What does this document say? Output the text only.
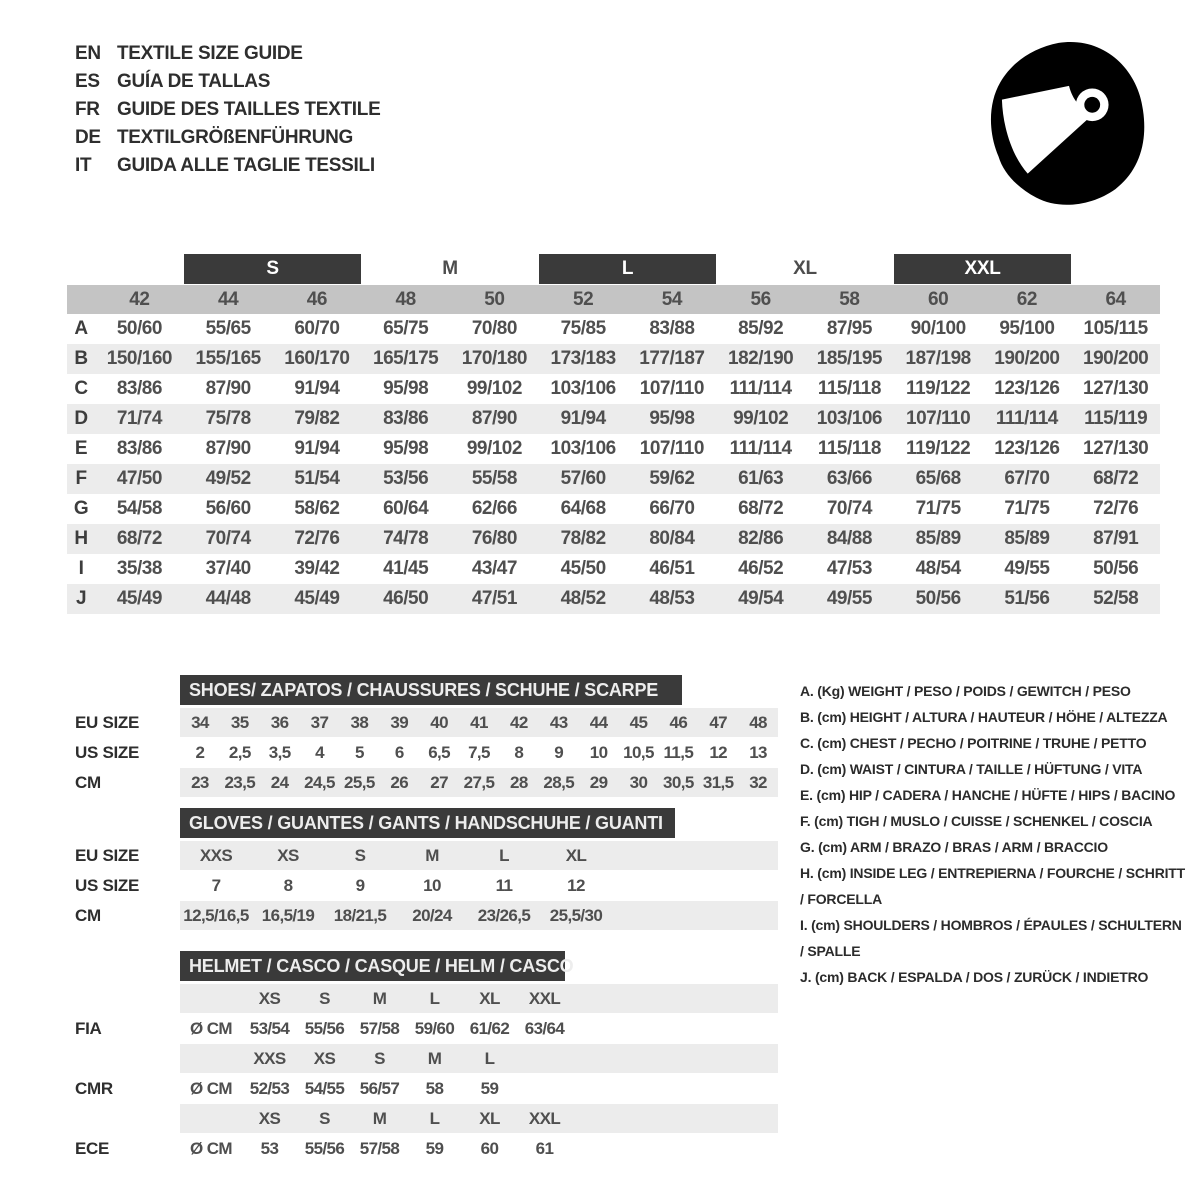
EN TEXTILE SIZE GUIDE
ES GUÍA DE TALLAS
FR GUIDE DES TAILLES TEXTILE
DE TEXTILGRÖßENFÜHRUNG
IT	GUIDA ALLE TAGLIE TESSILI
S	M	L	XL	XXL
42	44	46	48	50	52	54	56	58	60	62	64
A	50/60	55/65	60/70	65/75	70/80	75/85	83/88	85/92	87/95	90/100	95/100	105/115
B	150/160	155/165	160/170	165/175	170/180	173/183	177/187	182/190	185/195	187/198	190/200	190/200
C	83/86	87/90	91/94	95/98	99/102	103/106	107/110	111/114	115/118	119/122	123/126	127/130
D	71/74	75/78	79/82	83/86	87/90	91/94	95/98	99/102	103/106	107/110	111/114	115/119
E	83/86	87/90	91/94	95/98	99/102	103/106	107/110	111/114	115/118	119/122	123/126	127/130
F	47/50	49/52	51/54	53/56	55/58	57/60	59/62	61/63	63/66	65/68	67/70	68/72
G	54/58	56/60	58/62	60/64	62/66	64/68	66/70	68/72	70/74	71/75	71/75	72/76
H	68/72	70/74	72/76	74/78	76/80	78/82	80/84	82/86	84/88	85/89	85/89	87/91
I	35/38	37/40	39/42	41/45	43/47	45/50	46/51	46/52	47/53	48/54	49/55	50/56
J	45/49	44/48	45/49	46/50	47/51	48/52	48/53	49/54	49/55	50/56	51/56	52/58
SHOES/ ZAPATOS / CHAUSSURES / SCHUHE / SCARPE
EU SIZE	34	35	36	37	38	39	40	41	42	43	44	45	46	47	48
US SIZE	2	2,5	3,5	4	5	6	6,5	7,5	8	9	10 10,5 11,5 12	13
CM	23 23,5 24 24,5 25,5 26	27 27,5 28 28,5 29	30 30,5 31,5 32
GLOVES / GUANTES / GANTS / HANDSCHUHE / GUANTI
EU SIZE	XXS	XS	S	M	L	XL
US SIZE	7	8	9	10	11	12
CM	12,5/16,5 16,5/19	18/21,5	20/24	23/26,5	25,5/30
HELMET / CASCO / CASQUE / HELM / CASCO
XS	S	M	L	XL	XXL
FIA	Ø CM	53/54 55/56 57/58 59/60 61/62 63/64
XXS	XS	S	M	L
CMR	Ø CM	52/53 54/55 56/57	58	59
XS	S	M	L	XL	XXL
ECE	Ø CM	53	55/56 57/58	59	60	61
A. (Kg) WEIGHT / PESO / POIDS / GEWITCH / PESO
B. (cm) HEIGHT / ALTURA / HAUTEUR / HÖHE / ALTEZZA
C. (cm) CHEST / PECHO / POITRINE / TRUHE / PETTO
D. (cm) WAIST / CINTURA / TAILLE / HÜFTUNG / VITA
E. (cm) HIP / CADERA / HANCHE / HÜFTE / HIPS / BACINO
F. (cm) TIGH / MUSLO / CUISSE / SCHENKEL / COSCIA
G. (cm) ARM / BRAZO / BRAS / ARM / BRACCIO
H. (cm) INSIDE LEG / ENTREPIERNA / FOURCHE / SCHRITT / FORCELLA
I. (cm) SHOULDERS / HOMBROS / ÉPAULES / SCHULTERN / SPALLE
J. (cm) BACK / ESPALDA / DOS / ZURÜCK / INDIETRO
